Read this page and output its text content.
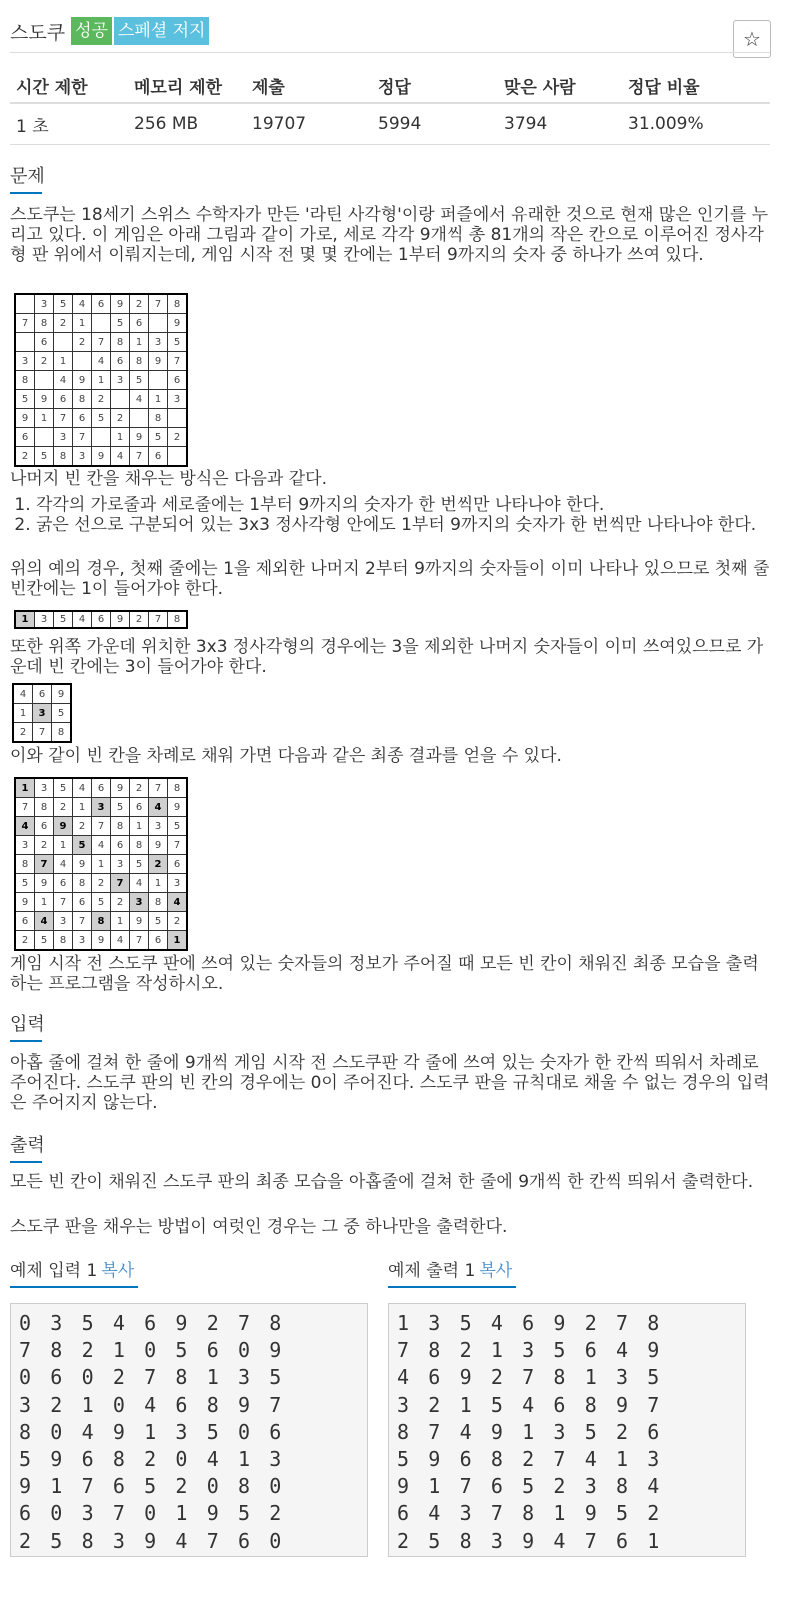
스도쿠 성공 스페셜 저지	☆
시간 제한	메모리 제한	제출	정답	맞은 사람	정답 비율
1 초	256 MB	19707	5994	3794	31.009%
문제

스도쿠는 18세기 스위스 수학자가 만든 '라틴 사각형'이랑 퍼즐에서 유래한 것으로 현재 많은 인기를 누리고 있다. 이 게임은 아래 그림과 같이 가로, 세로 각각 9개씩 총 81개의 작은 칸으로 이루어진 정사각형 판 위에서 이뤄지는데, 게임 시작 전 몇 몇 칸에는 1부터 9까지의 숫자 중 하나가 쓰여 있다.

	3	5	4	6	9	2	7	8
7	8	2	1		5	6		9
	6		2	7	8	1	3	5
3	2	1		4	6	8	9	7
8		4	9	1	3	5		6
5	9	6	8	2		4	1	3
9	1	7	6	5	2		8	
6		3	7		1	9	5	2
2	5	8	3	9	4	7	6	

나머지 빈 칸을 채우는 방식은 다음과 같다.

1. 각각의 가로줄과 세로줄에는 1부터 9까지의 숫자가 한 번씩만 나타나야 한다.
2. 굵은 선으로 구분되어 있는 3x3 정사각형 안에도 1부터 9까지의 숫자가 한 번씩만 나타나야 한다.

위의 예의 경우, 첫째 줄에는 1을 제외한 나머지 2부터 9까지의 숫자들이 이미 나타나 있으므로 첫째 줄 빈칸에는 1이 들어가야 한다.

1	3	5	4	6	9	2	7	8

또한 위쪽 가운데 위치한 3x3 정사각형의 경우에는 3을 제외한 나머지 숫자들이 이미 쓰여있으므로 가운데 빈 칸에는 3이 들어가야 한다.

4	6	9
1	3	5
2	7	8

이와 같이 빈 칸을 차례로 채워 가면 다음과 같은 최종 결과를 얻을 수 있다.

1	3	5	4	6	9	2	7	8
7	8	2	1	3	5	6	4	9
4	6	9	2	7	8	1	3	5
3	2	1	5	4	6	8	9	7
8	7	4	9	1	3	5	2	6
5	9	6	8	2	7	4	1	3
9	1	7	6	5	2	3	8	4
6	4	3	7	8	1	9	5	2
2	5	8	3	9	4	7	6	1

게임 시작 전 스도쿠 판에 쓰여 있는 숫자들의 정보가 주어질 때 모든 빈 칸이 채워진 최종 모습을 출력하는 프로그램을 작성하시오.

입력

아홉 줄에 걸쳐 한 줄에 9개씩 게임 시작 전 스도쿠판 각 줄에 쓰여 있는 숫자가 한 칸씩 띄워서 차례로 주어진다. 스도쿠 판의 빈 칸의 경우에는 0이 주어진다. 스도쿠 판을 규칙대로 채울 수 없는 경우의 입력은 주어지지 않는다.

출력

모든 빈 칸이 채워진 스도쿠 판의 최종 모습을 아홉줄에 걸쳐 한 줄에 9개씩 한 칸씩 띄워서 출력한다.

스도쿠 판을 채우는 방법이 여럿인 경우는 그 중 하나만을 출력한다.

예제 입력 1 복사	예제 출력 1 복사
0 3 5 4 6 9 2 7 8
7 8 2 1 0 5 6 0 9
0 6 0 2 7 8 1 3 5
3 2 1 0 4 6 8 9 7
8 0 4 9 1 3 5 0 6
5 9 6 8 2 0 4 1 3
9 1 7 6 5 2 0 8 0
6 0 3 7 0 1 9 5 2
2 5 8 3 9 4 7 6 0
1 3 5 4 6 9 2 7 8
7 8 2 1 3 5 6 4 9
4 6 9 2 7 8 1 3 5
3 2 1 5 4 6 8 9 7
8 7 4 9 1 3 5 2 6
5 9 6 8 2 7 4 1 3
9 1 7 6 5 2 3 8 4
6 4 3 7 8 1 9 5 2
2 5 8 3 9 4 7 6 1
